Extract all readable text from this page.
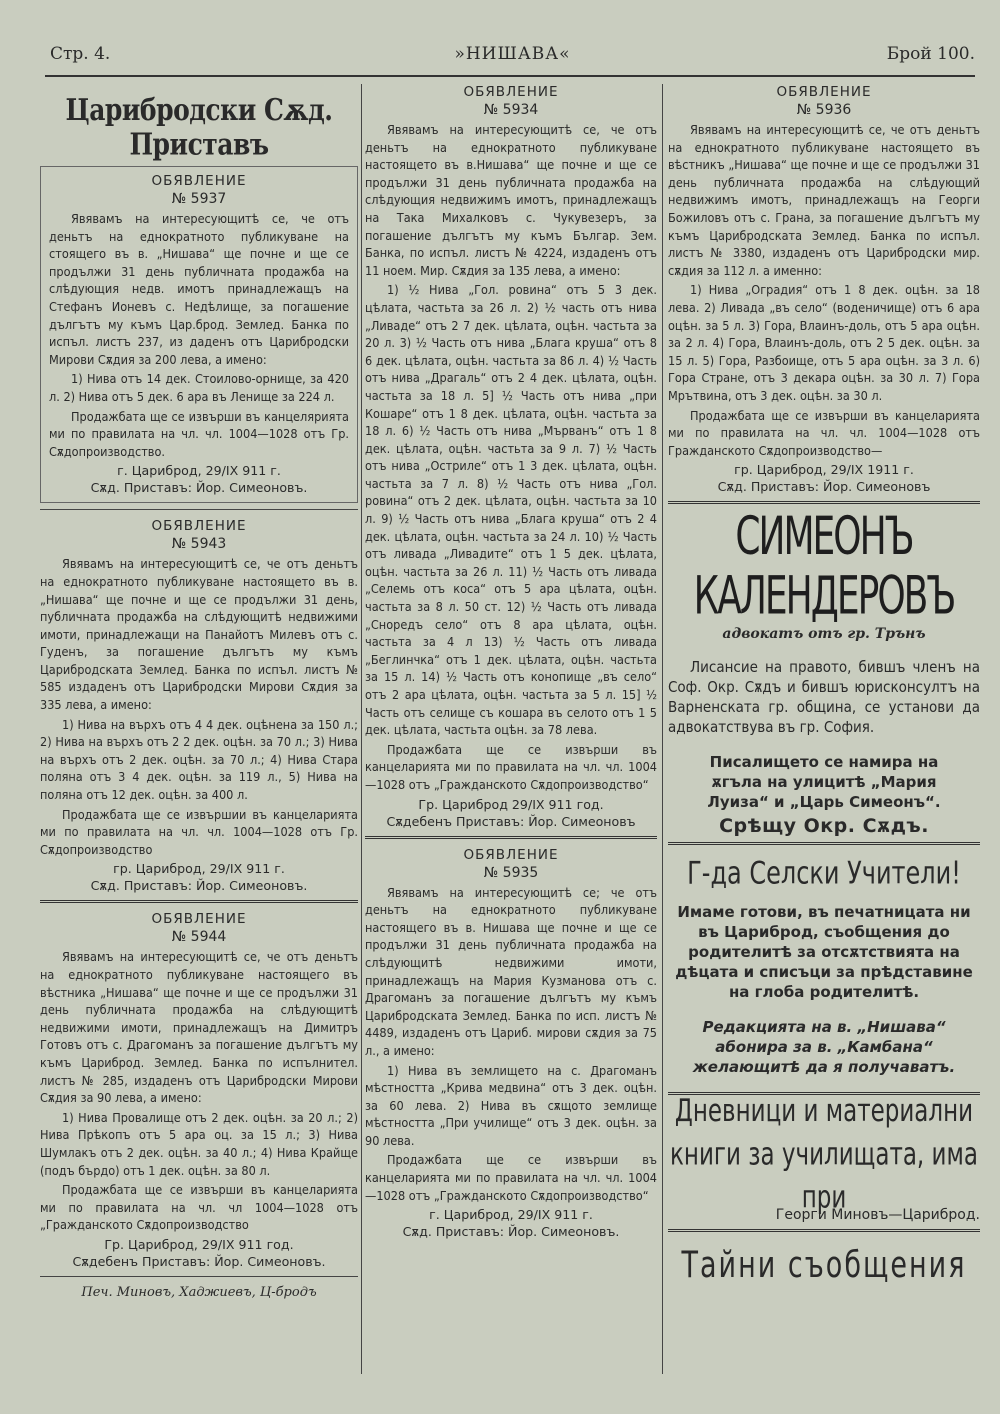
Стр. 4.	»НИШАВА«	Брой 100.
Царибродски Сѫд. Приставъ
ОБЯВЛЕНИЕ
№ 5937

Явявамъ на интересующитѣ се, че отъ деньтъ на еднократното публикуване на стоящего въ в. „Нишава“ ще почне и ще се продължи 31 день публичната продажба на слѣдующия недв. имотъ принадлежащъ на Стефанъ Ионевъ с. Недѣлище, за погашение дългътъ му къмъ Цар.брод. Землед. Банка по испъл. листъ 237, из даденъ отъ Царибродски Мирови Сѫдия за 200 лева, а имено:

1) Нива отъ 14 дек. Стоилово-орнище, за 420 л. 2) Нива отъ 5 дек. 6 ара въ Ленище за 224 л.

Продажбата ще се извърши въ канцелярията ми по правилата на чл. чл. 1004—1028 отъ Гр. Сѫдопроизводство.

г. Цариброд, 29/IX 911 г.
Сѫд. Приставъ: Йор. Симеоновъ.
ОБЯВЛЕНИЕ
№ 5943

Явявамъ на интересующитѣ се, че отъ деньтъ на еднократното публикуване настоящето въ в. „Нишава“ ще почне и ще се продължи 31 день, публичната продажба на слѣдующитѣ недвижими имоти, принадлежащи на Панайотъ Милевъ отъ с. Гуденъ, за погашение дългътъ му къмъ Царибродската Землед. Банка по испъл. листъ № 585 издаденъ отъ Царибродски Мирови Сѫдия за 335 лева, а имено:

1) Нива на върхъ отъ 4 4 дек. оцѣнена за 150 л.; 2) Нива на върхъ отъ 2 2 дек. оцѣн. за 70 л.; 3) Нива на върхъ отъ 2 дек. оцѣн. за 70 л.; 4) Нива Стара поляна отъ 3 4 дек. оцѣн. за 119 л., 5) Нива на поляна отъ 12 дек. оцѣн. за 400 л.

Продажбата ще се извършии въ канцеларията ми по правилата на чл. чл. 1004—1028 отъ Гр. Сѫдопроизводство

гр. Цариброд, 29/IX 911 г.
Сѫд. Приставъ: Йор. Симеоновъ.
ОБЯВЛЕНИЕ
№ 5944

Явявамъ на интересующитѣ се, че отъ деньтъ на еднократното публикуване настоящего въ вѣстника „Нишава“ ще почне и ще се продължи 31 день публичната продажба на слѣдующитѣ недвижими имоти, принадлежащъ на Димитръ Готовъ отъ с. Драгоманъ за погашение дългътъ му къмъ Цариброд. Землед. Банка по испълнител. листъ № 285, издаденъ отъ Царибродски Мирови Сѫдия за 90 лева, а имено:

1) Нива Провалище отъ 2 дек. оцѣн. за 20 л.; 2) Нива Прѣкопъ отъ 5 ара оц. за 15 л.; 3) Нива Шумлакъ отъ 2 дек. оцѣн. за 40 л.; 4) Нива Крайще (подъ бърдо) отъ 1 дек. оцѣн. за 80 л.

Продажбата ще се извърши въ канцеларията ми по правилата на чл. чл 1004—1028 отъ „Гражданското Сѫдопроизводство

Гр. Цариброд, 29/IX 911 год.
Сѫдебенъ Приставъ: Йор. Симеоновъ.
Печ. Миновъ, Хаджиевъ, Ц-бродъ
ОБЯВЛЕНИЕ
№ 5934

Явявамъ на интересующитѣ се, че отъ деньтъ на еднократното публикуване настоящето въ в.Нишава“ ще почне и ще се продължи 31 день публичната продажба на слѣдующия недвижимъ имотъ, принадлежащъ на Така Михалковъ с. Чукувезеръ, за погашение дългътъ му къмъ Българ. Зем. Банка, по испъл. листъ № 4224, издаденъ отъ 11 ноем. Мир. Сѫдия за 135 лева, а имено:

1) ½ Нива „Гол. ровина“ отъ 5 3 дек. цѣлата, частьта за 26 л. 2) ½ часть отъ нива „Ливаде“ отъ 2 7 дек. цѣлата, оцѣн. частьта за 20 л. 3) ½ Часть отъ нива „Блага круша“ отъ 8 6 дек. цѣлата, оцѣн. частьта за 86 л. 4) ½ Часть отъ нива „Драгаль“ отъ 2 4 дек. цѣлата, оцѣн. частьта за 18 л. 5] ½ Часть отъ нива „при Кошаре“ отъ 1 8 дек. цѣлата, оцѣн. частьта за 18 л. 6) ½ Часть отъ нива „Мърванъ“ отъ 1 8 дек. цѣлата, оцѣн. частьта за 9 л. 7) ½ Часть отъ нива „Остриле“ отъ 1 3 дек. цѣлата, оцѣн. частьта за 7 л. 8) ½ Часть отъ нива „Гол. ровина“ отъ 2 дек. цѣлата, оцѣн. частьта за 10 л. 9) ½ Часть отъ нива „Блага круша“ отъ 2 4 дек. цѣлата, оцѣн. частьта за 24 л. 10) ½ Часть отъ ливада „Ливадите“ отъ 1 5 дек. цѣлата, оцѣн. частьта за 26 л. 11) ½ Часть отъ ливада „Селемь отъ коса“ отъ 5 ара цѣлата, оцѣн. частьта за 8 л. 50 ст. 12) ½ Часть отъ ливада „Сноредъ село“ отъ 8 ара цѣлата, оцѣн. частьта за 4 л 13) ½ Часть отъ ливада „Беглинчка“ отъ 1 дек. цѣлата, оцѣн. частьта за 15 л. 14) ½ Часть отъ конопище „въ село“ отъ 2 ара цѣлата, оцѣн. частьта за 5 л. 15] ½ Часть отъ селище съ кошара въ селото отъ 1 5 дек. цѣлата, частьта оцѣн. за 78 лева.

Продажбата ще се извърши въ канцеларията ми по правилата на чл. чл. 1004—1028 отъ „Гражданското Сѫдопроизводство“

Гр. Цариброд 29/IX 911 год.
Сѫдебенъ Приставъ: Йор. Симеоновъ
ОБЯВЛЕНИЕ
№ 5935

Явявамъ на интересующитѣ се; че отъ деньтъ на еднократното публикуване настоящего въ в. Нишава ще почне и ще се продължи 31 день публичната продажба на слѣдующитѣ недвижими имоти, принадлежащъ на Мария Кузманова отъ с. Драгоманъ за погашение дългътъ му къмъ Царибродската Землед. Банка по исп. листъ № 4489, издаденъ отъ Цариб. мирови сѫдия за 75 л., а имено:

1) Нива въ землището на с. Драгоманъ мѣстността „Крива медвина“ отъ 3 дек. оцѣн. за 60 лева. 2) Нива въ сѫщото землище мѣстността „При училище“ отъ 3 дек. оцѣн. за 90 лева.

Продажбата ще се извърши въ канцеларията ми по правилата на чл. чл. 1004—1028 отъ „Гражданското Сѫдопроизводство“

г. Цариброд, 29/IX 911 г.
Сѫд. Приставъ: Йор. Симеоновъ.
ОБЯВЛЕНИЕ
№ 5936

Явявамъ на интересующитѣ се, че отъ деньтъ на еднократното публикуване настоящето въ вѣстникъ „Нишава“ ще почне и ще се продължи 31 день публичната продажба на слѣдующий недвижимъ имотъ, принадлежащъ на Георги Божиловъ отъ с. Грана, за погашение дългътъ му къмъ Царибродската Землед. Банка по испъл. листъ № 3380, издаденъ отъ Царибродски мир. сѫдия за 112 л. а именно:

1) Нива „Оградия“ отъ 1 8 дек. оцѣн. за 18 лева. 2) Ливада „въ село“ (воденичище) отъ 6 ара оцѣн. за 5 л. 3) Гора, Влаинъ-доль, отъ 5 ара оцѣн. за 2 л. 4) Гора, Влаинъ-доль, отъ 2 5 дек. оцѣн. за 15 л. 5) Гора, Разбоище, отъ 5 ара оцѣн. за 3 л. 6) Гора Стране, отъ 3 декара оцѣн. за 30 л. 7) Гора Мрътвина, отъ 3 дек. оцѣн. за 30 л.

Продажбата ще се извърши въ канцеларията ми по правилата на чл. чл. 1004—1028 отъ Гражданското Сѫдопроизводство—

гр. Цариброд, 29/IX 1911 г.
Сѫд. Приставъ: Йор. Симеоновъ
СИМЕОНЪ КАЛЕНДЕРОВЪ
адвокатъ отъ гр. Трънъ

Лисансие на правото, бившъ членъ на Соф. Окр. Сѫдъ и бившъ юрисконсултъ на Варненската гр. община, се установи да адвокатствува въ гр. София.

Писалището се намира на
ѫгъла на улицитѣ „Мария
Луиза“ и „Царь Симеонъ“.
Срѣщу Окр. Сѫдъ.
Г-да Селски Учители!

Имаме готови, въ печатницата ни въ Цариброд, съобщения до родителитѣ за отсѫтствията на дѣцата и списъци за прѣдставине на глоба родителитѣ.

Редакцията на в. „Нишава“ абонира за в. „Камбана“ желающитѣ да я получаватъ.

Дневници и материални книги за училищата, има при
Георги Миновъ—Цариброд.
Тайни съобщения
